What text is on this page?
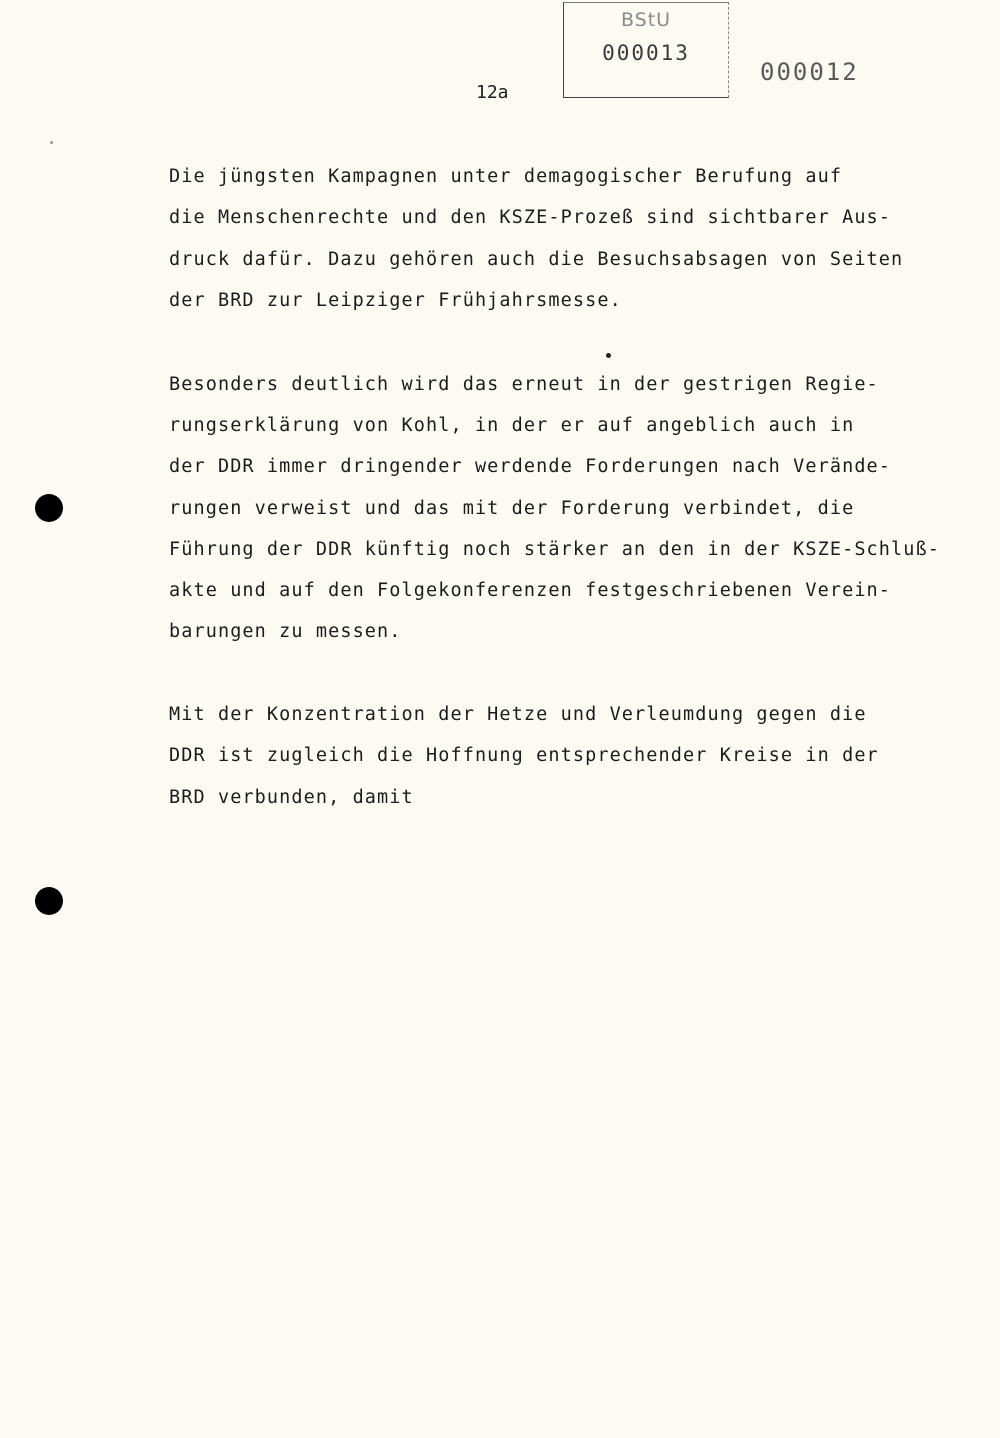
BStU
000013
000012
12a
Die jüngsten Kampagnen unter demagogischer Berufung auf
die Menschenrechte und den KSZE-Prozeß sind sichtbarer Aus-
druck dafür. Dazu gehören auch die Besuchsabsagen von Seiten
der BRD zur Leipziger Frühjahrsmesse.
Besonders deutlich wird das erneut in der gestrigen Regie-
rungserklärung von Kohl, in der er auf angeblich auch in
der DDR immer dringender werdende Forderungen nach Verände-
rungen verweist und das mit der Forderung verbindet, die
Führung der DDR künftig noch stärker an den in der KSZE-Schluß-
akte und auf den Folgekonferenzen festgeschriebenen Verein-
barungen zu messen.
Mit der Konzentration der Hetze und Verleumdung gegen die
DDR ist zugleich die Hoffnung entsprechender Kreise in der
BRD verbunden, damit
